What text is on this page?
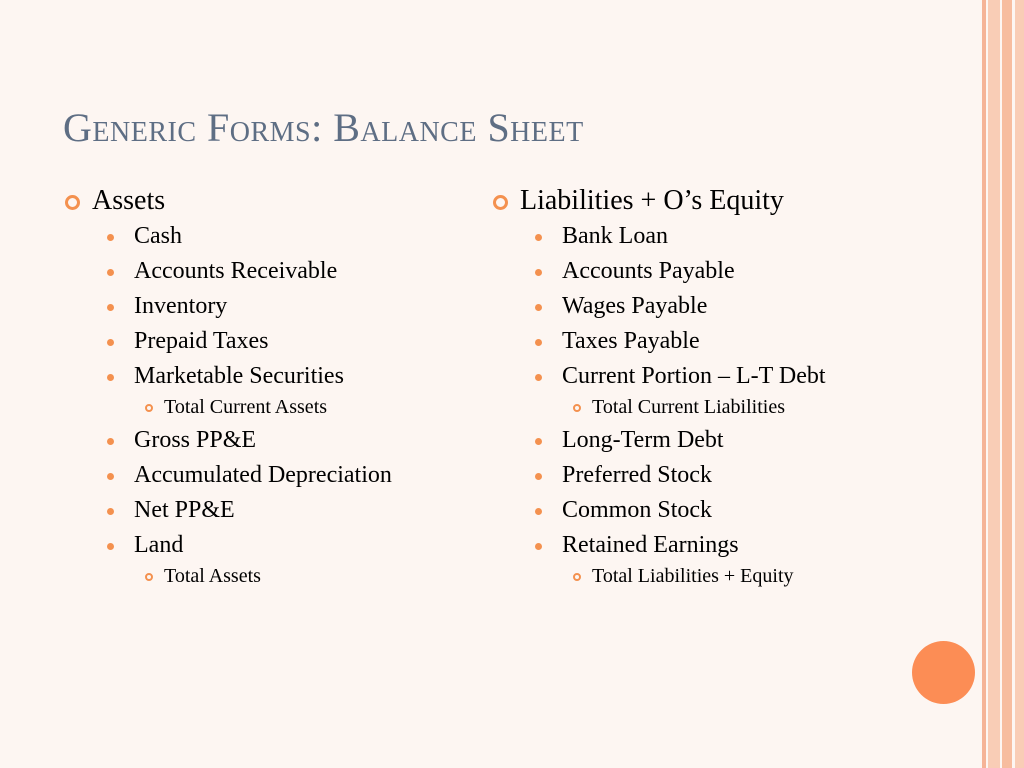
Generic Forms: Balance Sheet
Assets
Cash
Accounts Receivable
Inventory
Prepaid Taxes
Marketable Securities
Total Current Assets
Gross PP&E
Accumulated Depreciation
Net PP&E
Land
Total Assets
Liabilities + O’s Equity
Bank Loan
Accounts Payable
Wages Payable
Taxes Payable
Current Portion – L-T Debt
Total Current Liabilities
Long-Term Debt
Preferred Stock
Common Stock
Retained Earnings
Total Liabilities + Equity
